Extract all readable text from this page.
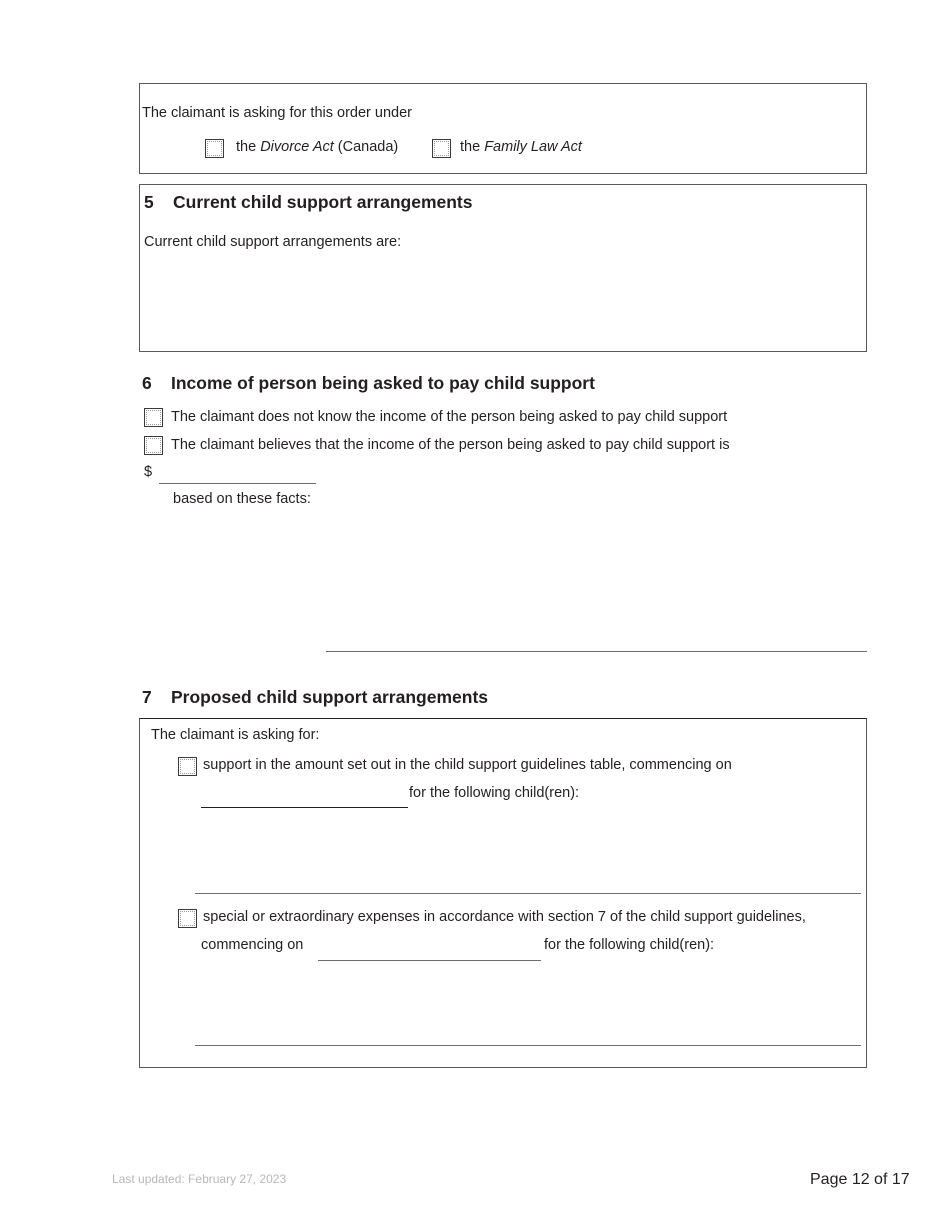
The claimant is asking for this order under
the Divorce Act (Canada)	the Family Law Act
5 Current child support arrangements
Current child support arrangements are:
6 Income of person being asked to pay child support
The claimant does not know the income of the person being asked to pay child support
The claimant believes that the income of the person being asked to pay child support is
$
based on these facts:
7 Proposed child support arrangements
The claimant is asking for:
support in the amount set out in the child support guidelines table, commencing on
for the following child(ren):
special or extraordinary expenses in accordance with section 7 of the child support guidelines,
commencing on	for the following child(ren):
Last updated: February 27, 2023	Page 12 of 17
